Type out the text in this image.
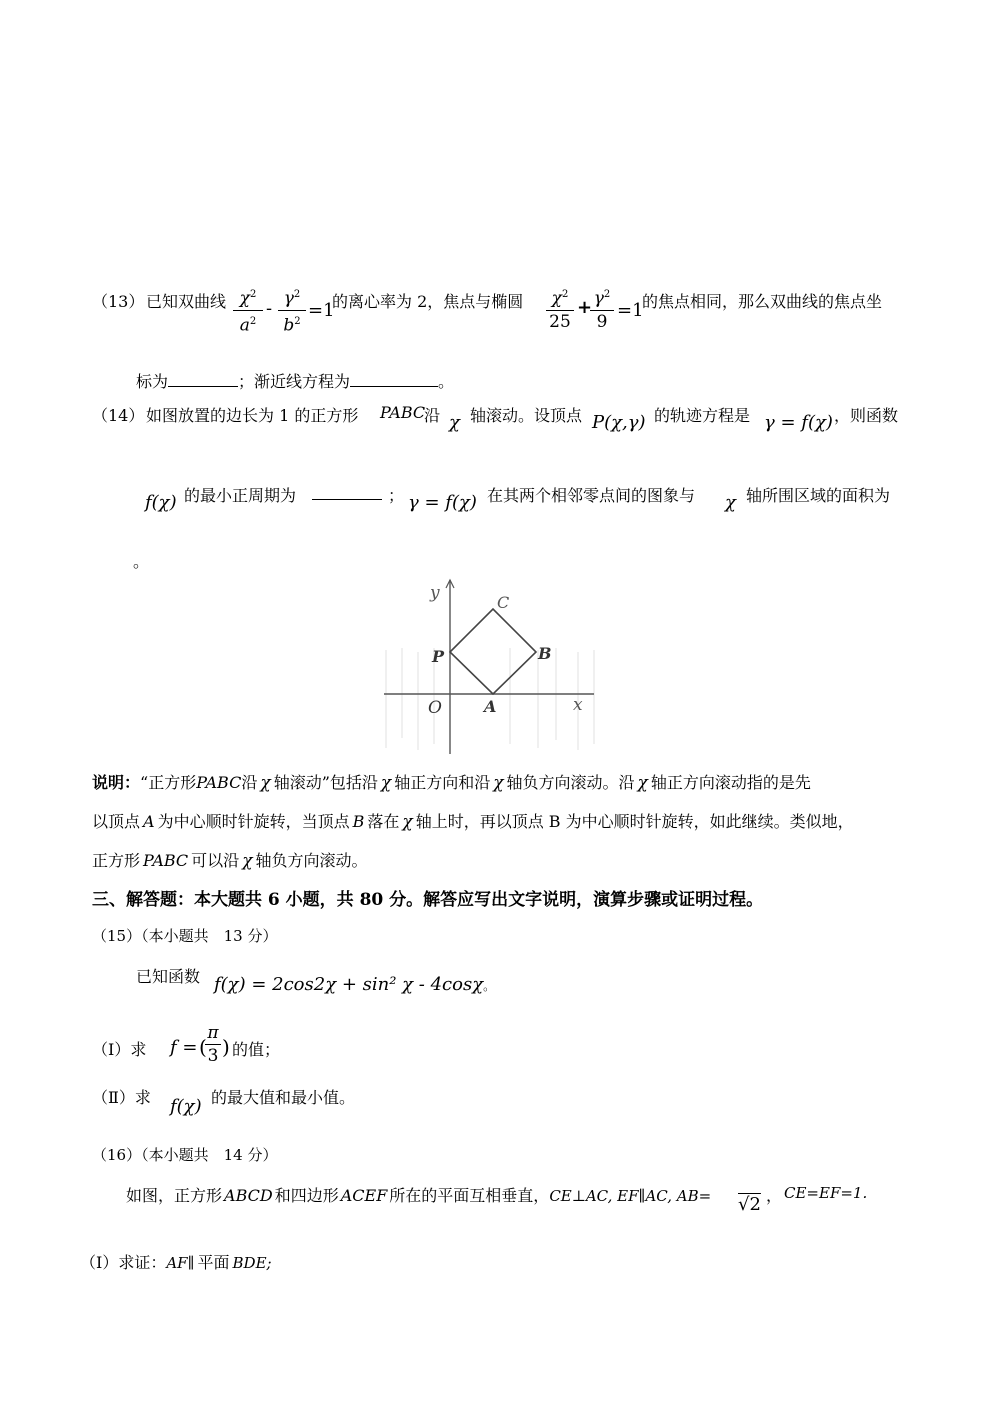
（13） 已知双曲线 $\chi^2$
$a^2$
- $\gamma^2$
$b^2$
=1
的离心率为 2，焦点与椭圆	$\chi^2$
25
+ $\gamma^2$
9
=1
的焦点相同，那么双曲线的焦点坐
标为	；渐近线方程为	。
（14） 如图放置的边长为 1 的正方形 PABC
沿 χ 轴滚动。设顶点 P(χ,γ) 的轨迹方程是 γ = f(χ) ，则函数
f(χ) 的最小正周期为	； γ = f(χ) 在其两个相邻零点间的图象与 χ 轴所围区域的面积为
。
y
x
O	A
B
C
P
说明：“正方形PABC沿 χ 轴滚动”包括沿 χ 轴正方向和沿 χ 轴负方向滚动。沿 χ 轴正方向滚动指的是先
以顶点 A 为中心顺时针旋转，当顶点 B 落在 χ 轴上时，再以顶点 B 为中心顺时针旋转，如此继续。类似地，
正方形 PABC 可以沿 χ 轴负方向滚动。
三、解答题：本大题共 6 小题，共 80 分。解答应写出文字说明，演算步骤或证明过程。
（15）（本小题共　13 分）
已知函数 f(χ) = 2cos2χ + sin² χ - 4cosχ。
（Ⅰ）求 f =
π
3
( ) 的值；
（Ⅱ）求 f(χ) 的最大值和最小值。
（16）（本小题共　14 分）
如图，正方形 ABCD 和四边形 ACEF 所在的平面互相垂直，CE⊥AC, EF∥AC, AB= √2 ， CE=EF=1.
（Ⅰ）求证：AF∥ 平面 BDE;
